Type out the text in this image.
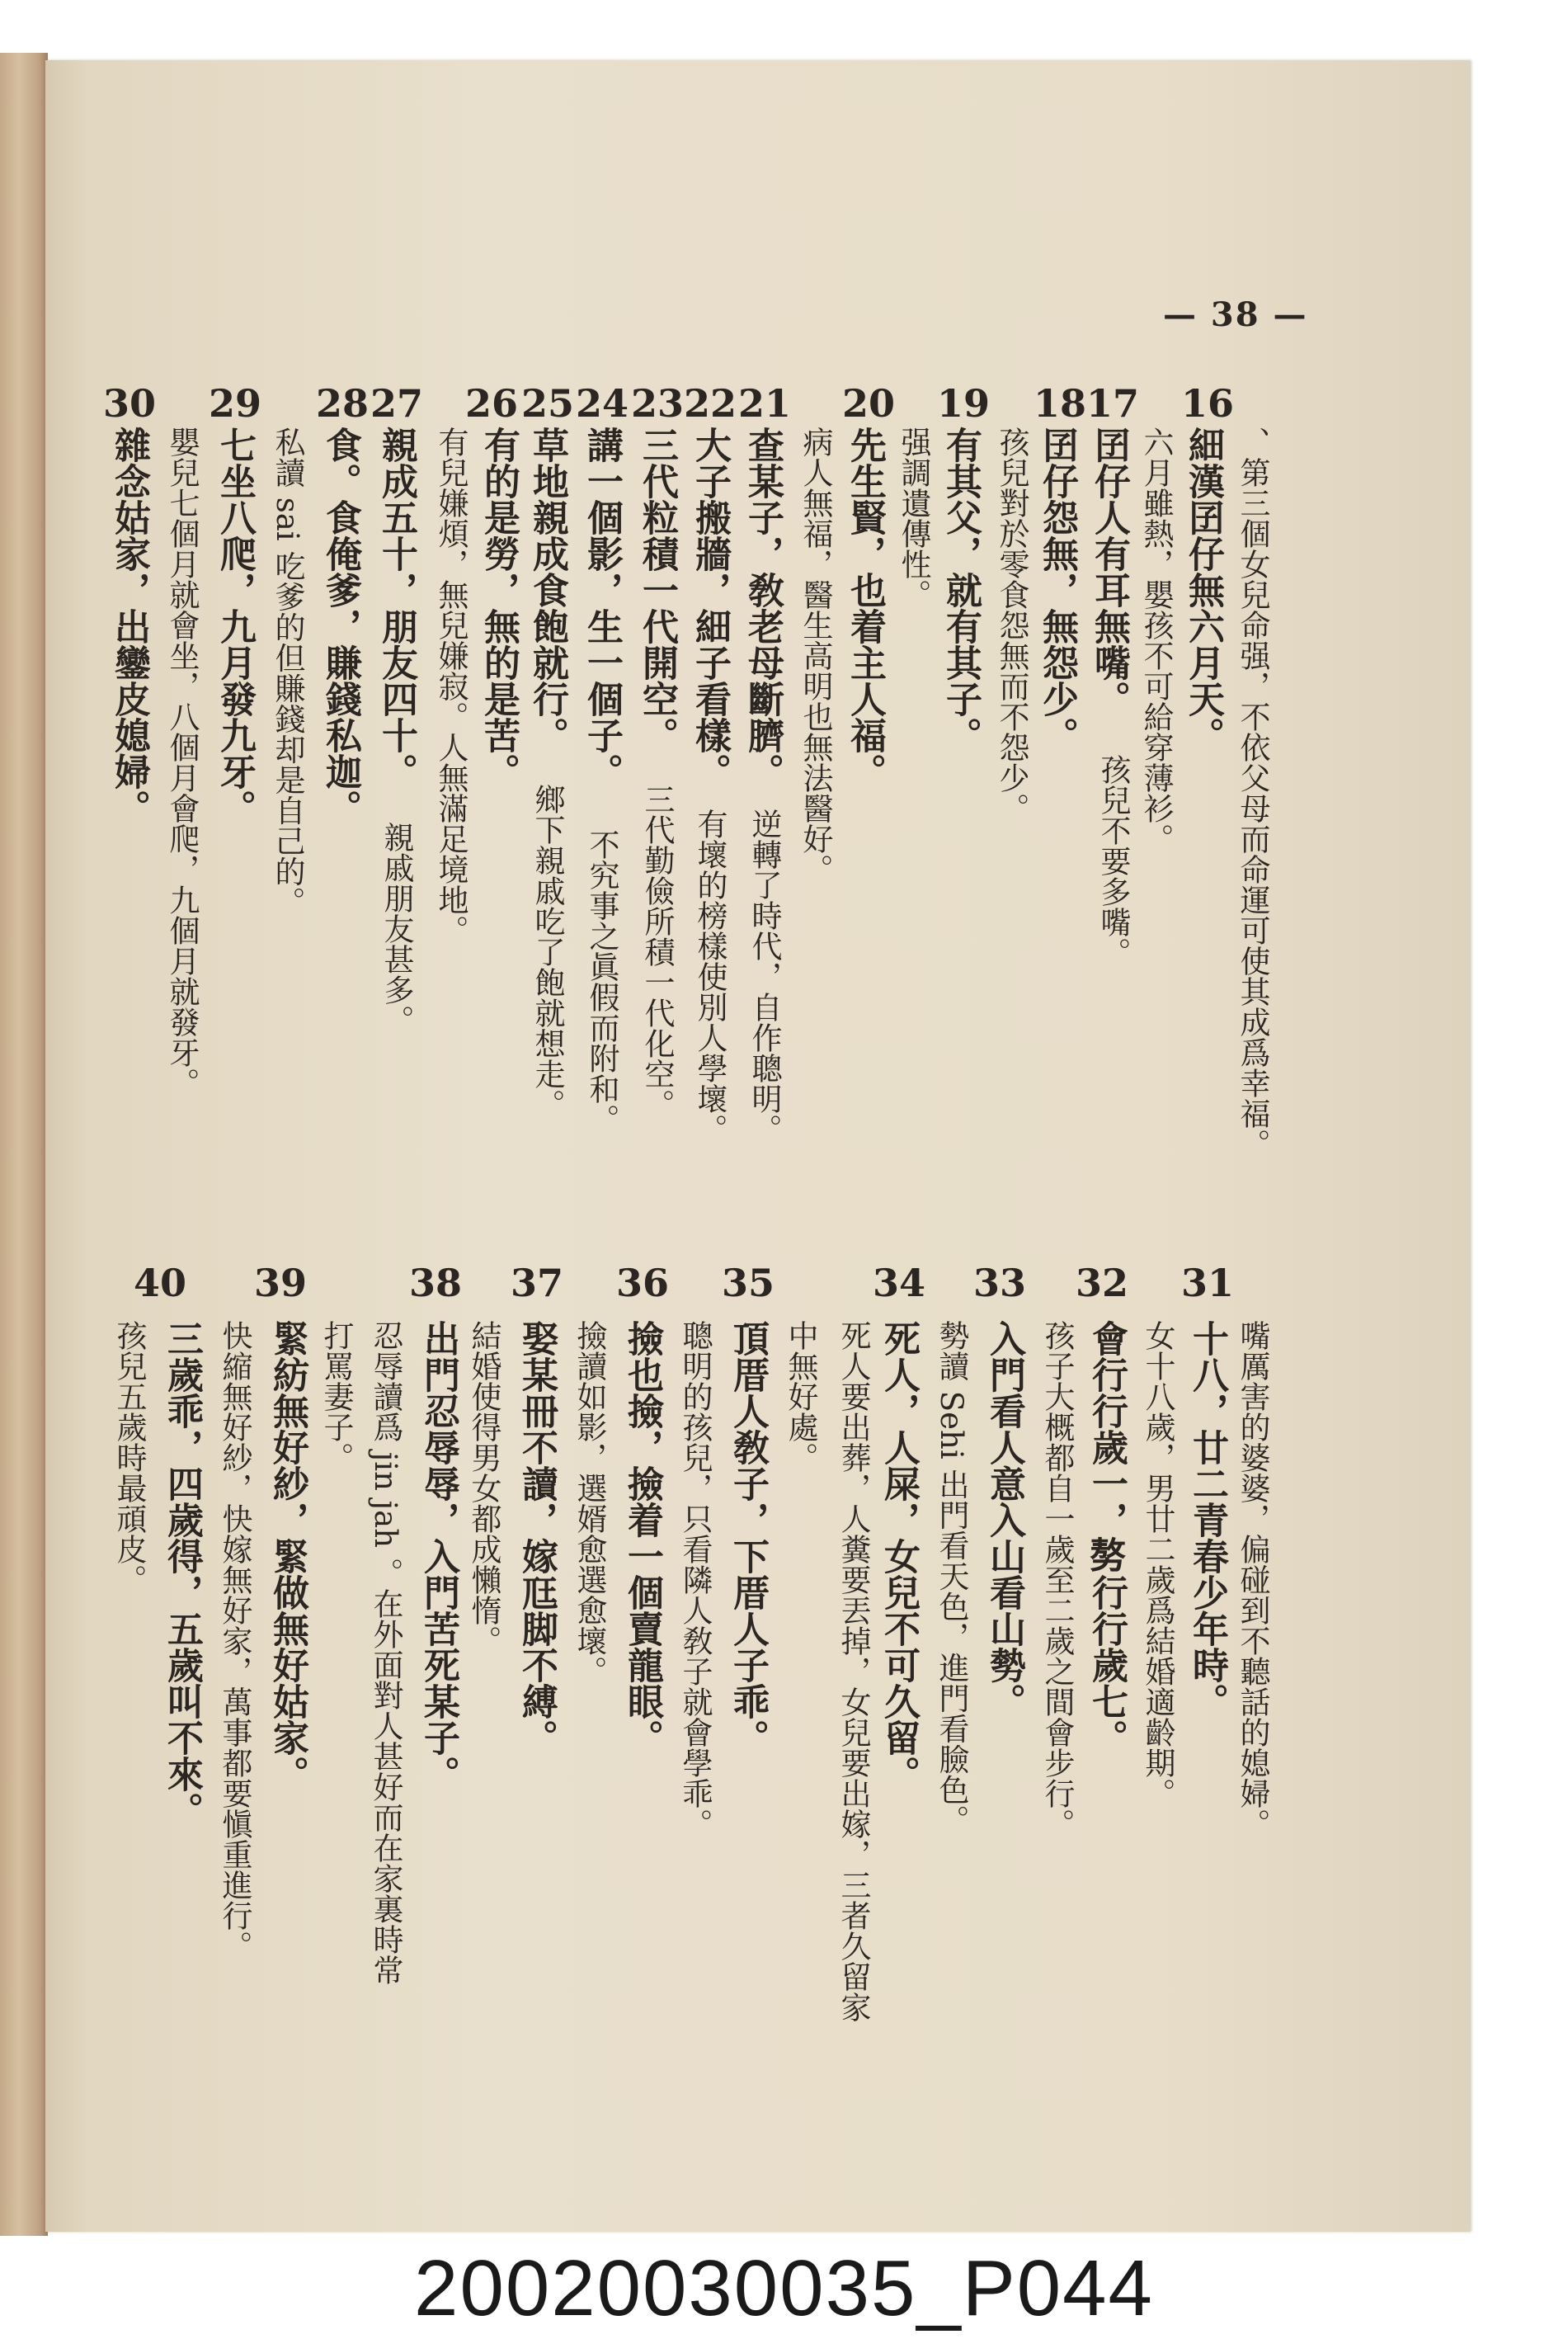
— 38 —
、第三個女兒命强，不依父母而命運可使其成爲幸福。
16
細漢囝仔無六月天。
六月雖熱，嬰孩不可給穿薄衫。
17
囝仔人有耳無嘴。
孩兒不要多嘴。
18
囝仔怨無，無怨少。
孩兒對於零食怨無而不怨少。
19
有其父，就有其子。
强調遺傳性。
20
先生賢，也着主人福。
病人無福，醫生高明也無法醫好。
21
查某子，敎老母斷臍。
逆轉了時代，自作聰明。
22
大子搬牆，細子看樣。
有壞的榜樣使別人學壞。
23
三代粒積一代開空。
三代勤儉所積一代化空。
24
講一個影，生一個子。
不究事之眞假而附和。
25
草地親成食飽就行。
鄉下親戚吃了飽就想走。
26
有的是勞，無的是苦。
有兒嫌煩，無兒嫌寂。人無滿足境地。
27
親成五十，朋友四十。
親戚朋友甚多。
28
食。食俺爹，賺錢私迦。
私讀 sai 吃爹的但賺錢却是自己的。
29
七坐八爬，九月發九牙。
嬰兒七個月就會坐，八個月會爬，九個月就發牙。
30
雜念姑家，出鑾皮媳婦。
嘴厲害的婆婆，偏碰到不聽話的媳婦。
31
十八，廿二青春少年時。
女十八歲，男廿二歲爲結婚適齡期。
32
會行行歲一，𠢕行行歲七。
孩子大概都自一歲至二歲之間會步行。
33
入門看人意入山看山勢。
勢讀 Sehi 出門看天色，進門看臉色。
34
死人，人屎，女兒不可久留。
死人要出葬，人糞要丟掉，女兒要出嫁，三者久留家
中無好處。
35
頂厝人敎子，下厝人子乖。
聰明的孩兒，只看隣人敎子就會學乖。
36
撿也撿，撿着一個賣龍眼。
撿讀如影，選婿愈選愈壞。
37
娶某冊不讀，嫁尫脚不縛。
結婚使得男女都成懶惰。
38
出門忍辱辱，入門苦死某子。
忍辱讀爲 jin jah 。在外面對人甚好而在家裏時常
打罵妻子。
39
緊紡無好紗，緊做無好姑家。
快縮無好紗，快嫁無好家，萬事都要愼重進行。
40
三歲乖，四歲得，五歲叫不來。
孩兒五歲時最頑皮。
20020030035_P044
